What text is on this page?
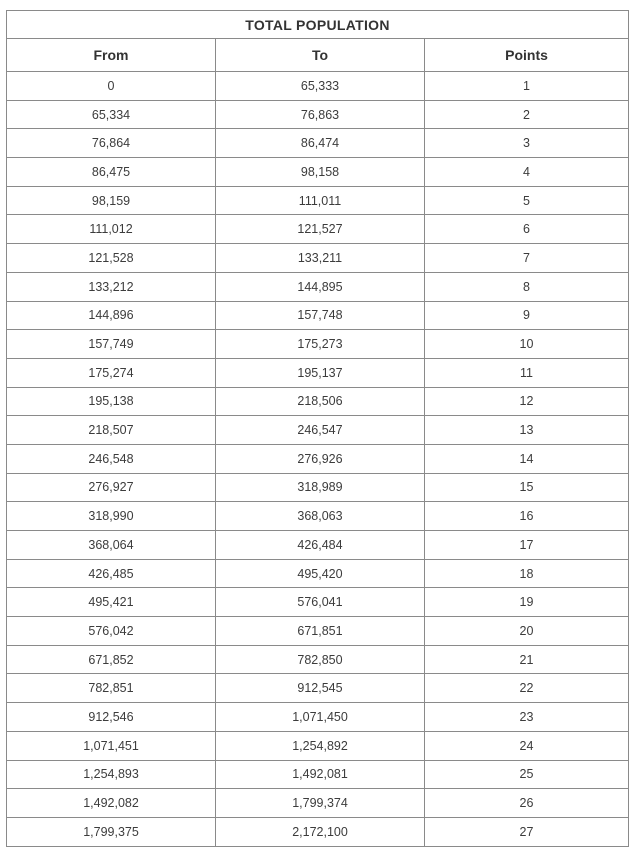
TOTAL POPULATION		
From	To	Points
0	65,333	1
65,334	76,863	2
76,864	86,474	3
86,475	98,158	4
98,159	111,011	5
111,012	121,527	6
121,528	133,211	7
133,212	144,895	8
144,896	157,748	9
157,749	175,273	10
175,274	195,137	11
195,138	218,506	12
218,507	246,547	13
246,548	276,926	14
276,927	318,989	15
318,990	368,063	16
368,064	426,484	17
426,485	495,420	18
495,421	576,041	19
576,042	671,851	20
671,852	782,850	21
782,851	912,545	22
912,546	1,071,450	23
1,071,451	1,254,892	24
1,254,893	1,492,081	25
1,492,082	1,799,374	26
1,799,375	2,172,100	27
